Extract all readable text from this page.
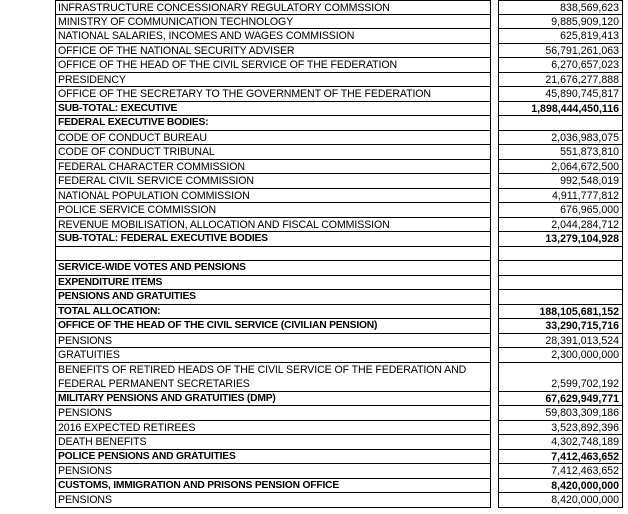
INFRASTRUCTURE CONCESSIONARY REGULATORY COMMSSION	838,569,623
MINISTRY OF COMMUNICATION TECHNOLOGY	9,885,909,120
NATIONAL SALARIES, INCOMES AND WAGES COMMISSION	625,819,413
OFFICE OF THE NATIONAL SECURITY ADVISER	56,791,261,063
OFFICE OF THE HEAD OF THE CIVIL SERVICE OF THE FEDERATION	6,270,657,023
PRESIDENCY	21,676,277,888
OFFICE OF THE SECRETARY TO THE GOVERNMENT OF THE FEDERATION	45,890,745,817
SUB-TOTAL: EXECUTIVE	1,898,444,450,116
FEDERAL EXECUTIVE BODIES:
CODE OF CONDUCT BUREAU	2,036,983,075
CODE OF CONDUCT TRIBUNAL	551,873,810
FEDERAL CHARACTER COMMISSION	2,064,672,500
FEDERAL CIVIL SERVICE COMMISSION	992,548,019
NATIONAL POPULATION COMMISSION	4,911,777,812
POLICE SERVICE COMMISSION	676,965,000
REVENUE MOBILISATION, ALLOCATION AND FISCAL COMMISSION	2,044,284,712
SUB-TOTAL: FEDERAL EXECUTIVE BODIES	13,279,104,928
SERVICE-WIDE VOTES AND PENSIONS
EXPENDITURE ITEMS
PENSIONS AND GRATUITIES
TOTAL ALLOCATION:	188,105,681,152
OFFICE OF THE HEAD OF THE CIVIL SERVICE (CIVILIAN PENSION)	33,290,715,716
PENSIONS	28,391,013,524
GRATUITIES	2,300,000,000
BENEFITS OF RETIRED HEADS OF THE CIVIL SERVICE OF THE FEDERATION AND FEDERAL PERMANENT SECRETARIES	2,599,702,192
MILITARY PENSIONS AND GRATUITIES (DMP)	67,629,949,771
PENSIONS	59,803,309,186
2016 EXPECTED RETIREES	3,523,892,396
DEATH BENEFITS	4,302,748,189
POLICE PENSIONS AND GRATUITIES	7,412,463,652
PENSIONS	7,412,463,652
CUSTOMS, IMMIGRATION AND PRISONS PENSION OFFICE	8,420,000,000
PENSIONS	8,420,000,000
